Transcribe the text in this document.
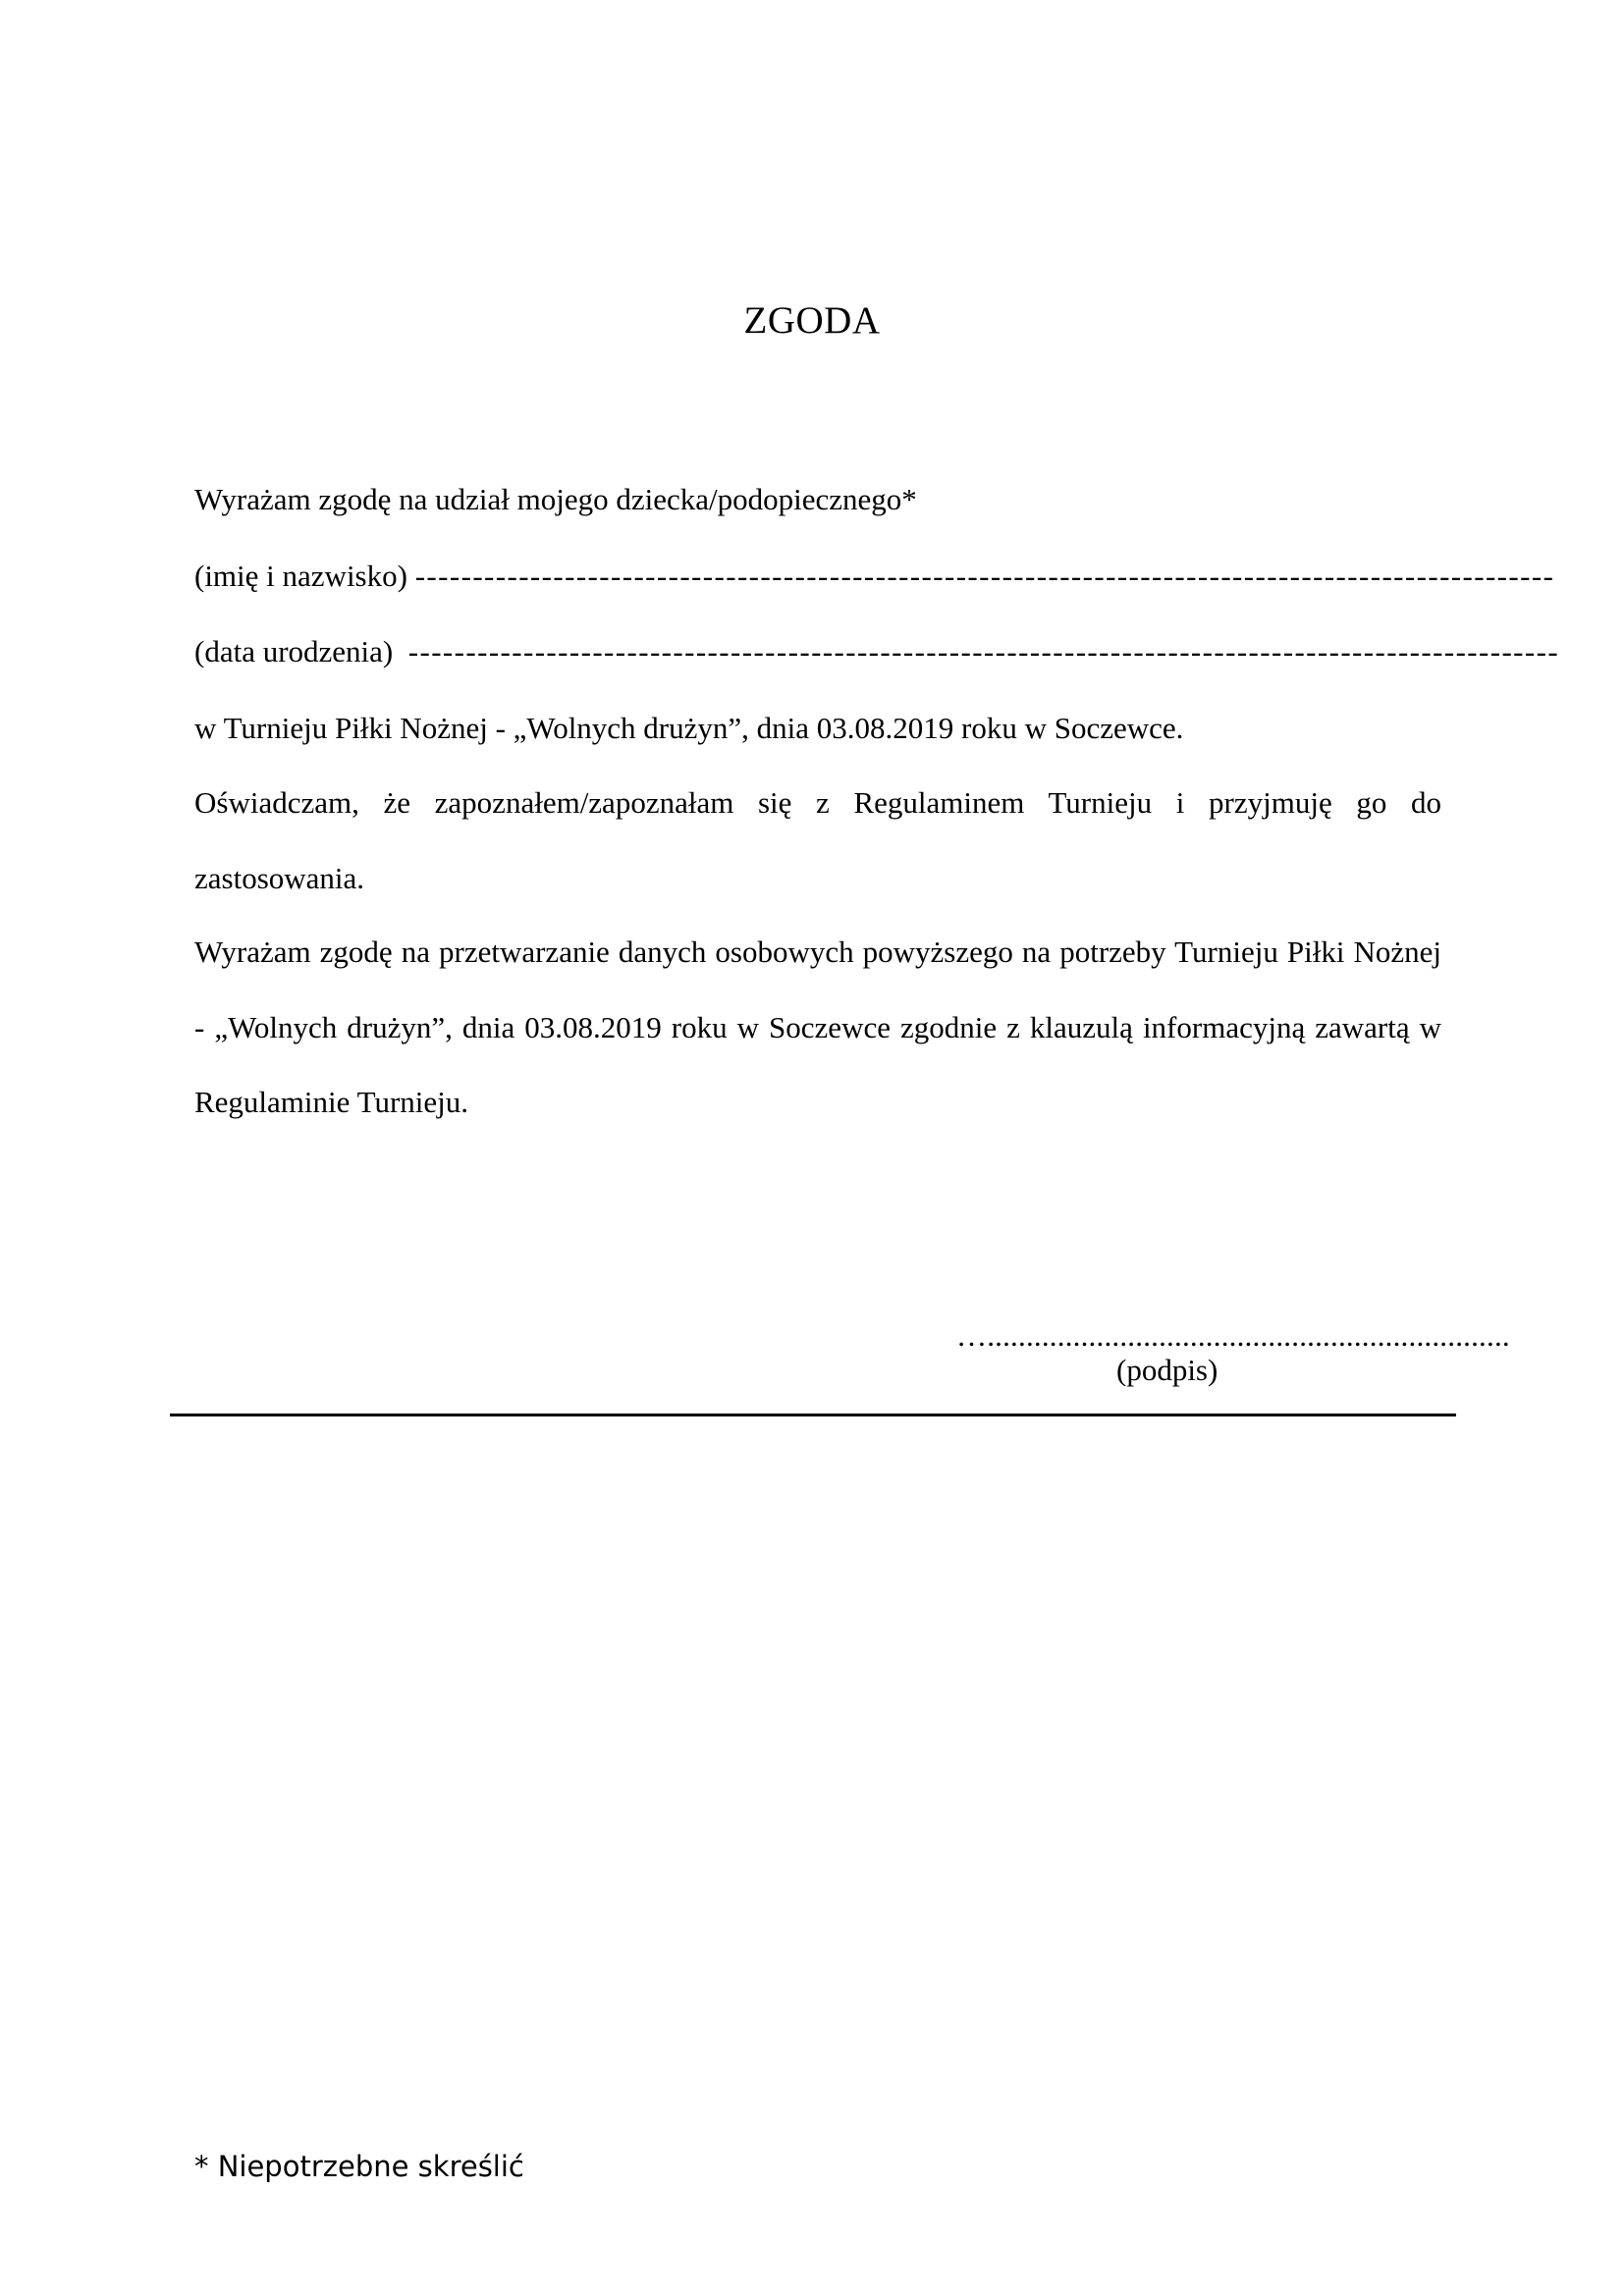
ZGODA
Wyrażam zgodę na udział mojego dziecka/podopiecznego*
(imię i nazwisko) ---------------------------------------------------------------------------------------------------
(data urodzenia) ----------------------------------------------------------------------------------------------------
w Turnieju Piłki Nożnej - „Wolnych drużyn”, dnia 03.08.2019 roku w Soczewce.
Oświadczam, że zapoznałem/zapoznałam się z Regulaminem Turnieju i przyjmuję go do zastosowania.
Wyrażam zgodę na przetwarzanie danych osobowych powyższego na potrzeby Turnieju Piłki Nożnej - „Wolnych drużyn”, dnia 03.08.2019 roku w Soczewce zgodnie z klauzulą informacyjną zawartą w Regulaminie Turnieju.
…...................................................................
(podpis)
* Niepotrzebne skreślić
